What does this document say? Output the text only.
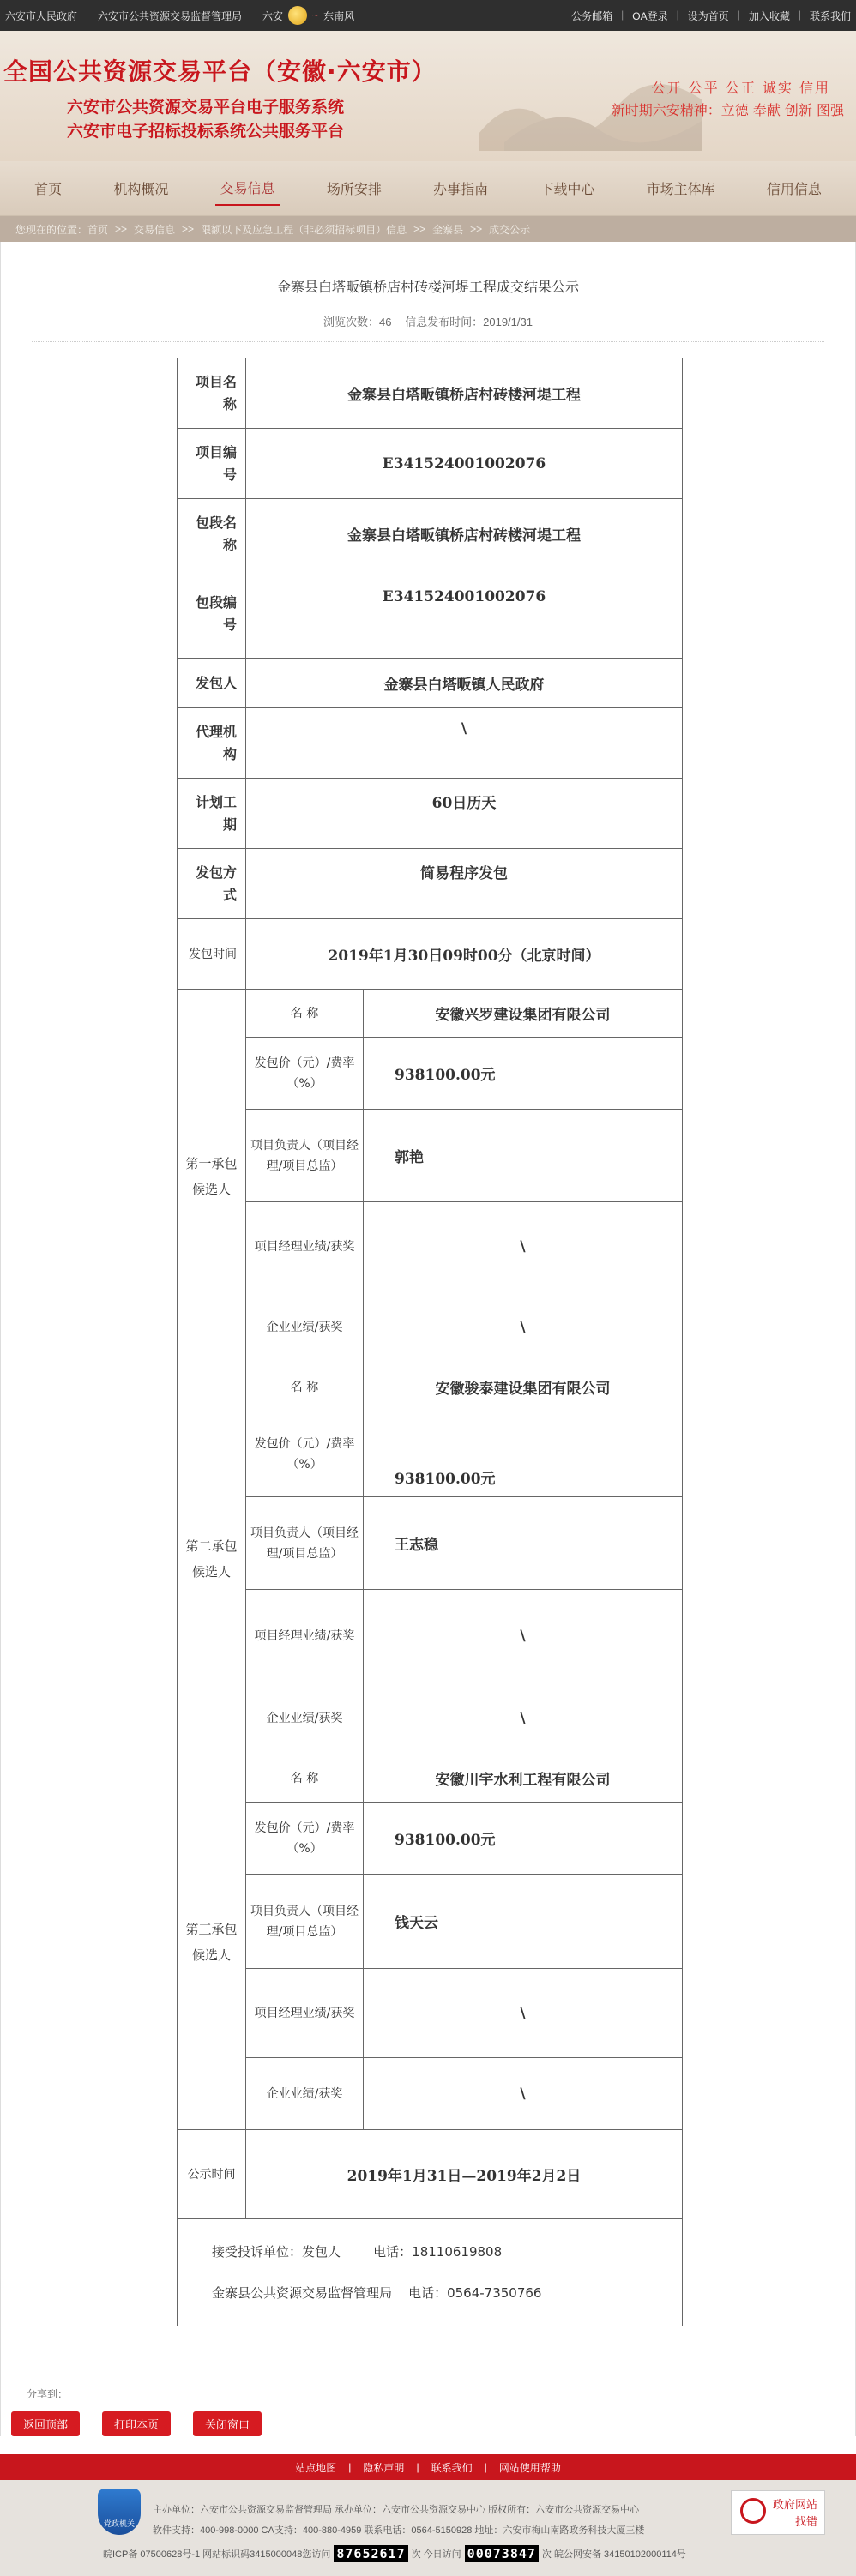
六安市人民政府 六安市公共资源交易监督管理局 六安	~ 东南风	公务邮箱 | OA登录 | 设为首页 | 加入收藏 | 联系我们
全国公共资源交易平台（安徽·六安市）
六安市公共资源交易平台电子服务系统
六安市电子招标投标系统公共服务平台
公开 公平 公正 诚实 信用
新时期六安精神：立德 奉献 创新 图强
首页	机构概况	交易信息	场所安排	办事指南	下载中心	市场主体库	信用信息
您现在的位置：首页 >> 交易信息 >> 限额以下及应急工程（非必须招标项目）信息 >> 金寨县 >> 成交公示
金寨县白塔畈镇桥店村砖楼河堤工程成交结果公示
浏览次数：46 信息发布时间：2019/1/31
项目名称	金寨县白塔畈镇桥店村砖楼河堤工程	
项目编号	E341524001002076	
包段名称	金寨县白塔畈镇桥店村砖楼河堤工程	
包段编号	E341524001002076	
发包人	金寨县白塔畈镇人民政府	
代理机构	\	
计划工期	60日历天	
发包方式	简易程序发包	
发包时间	2019年1月30日09时00分（北京时间）	
第一承包候选人	名 称	安徽兴罗建设集团有限公司
	发包价（元）/费率（%）	938100.00元
	项目负责人（项目经理/项目总监）	郭艳
	项目经理业绩/获奖	\
	企业业绩/获奖	\
第二承包候选人	名 称	安徽骏泰建设集团有限公司
	发包价（元）/费率（%）	938100.00元
	项目负责人（项目经理/项目总监）	王志稳
	项目经理业绩/获奖	\
	企业业绩/获奖	\
第三承包候选人	名 称	安徽川宇水利工程有限公司
	发包价（元）/费率（%）	938100.00元
	项目负责人（项目经理/项目总监）	钱天云
	项目经理业绩/获奖	\
	企业业绩/获奖	\
公示时间	2019年1月31日—2019年2月2日	

接受投诉单位：发包人        电话：18110619808
金寨县公共资源交易监督管理局    电话：0564-7350766		
分享到：
返回顶部	打印本页	关闭窗口
站点地图 | 隐私声明 | 联系我们 | 网站使用帮助
党政机关
主办单位：六安市公共资源交易监督管理局 承办单位：六安市公共资源交易中心 版权所有：六安市公共资源交易中心
软件支持：400-998-0000 CA支持：400-880-4959 联系电话：0564-5150928 地址：六安市梅山南路政务科技大厦三楼
皖ICP备 07500628号-1 网站标识码3415000048您访问 87652617 次 今日访问 00073847 次 皖公网安备 34150102000114号
政府网站
找错
